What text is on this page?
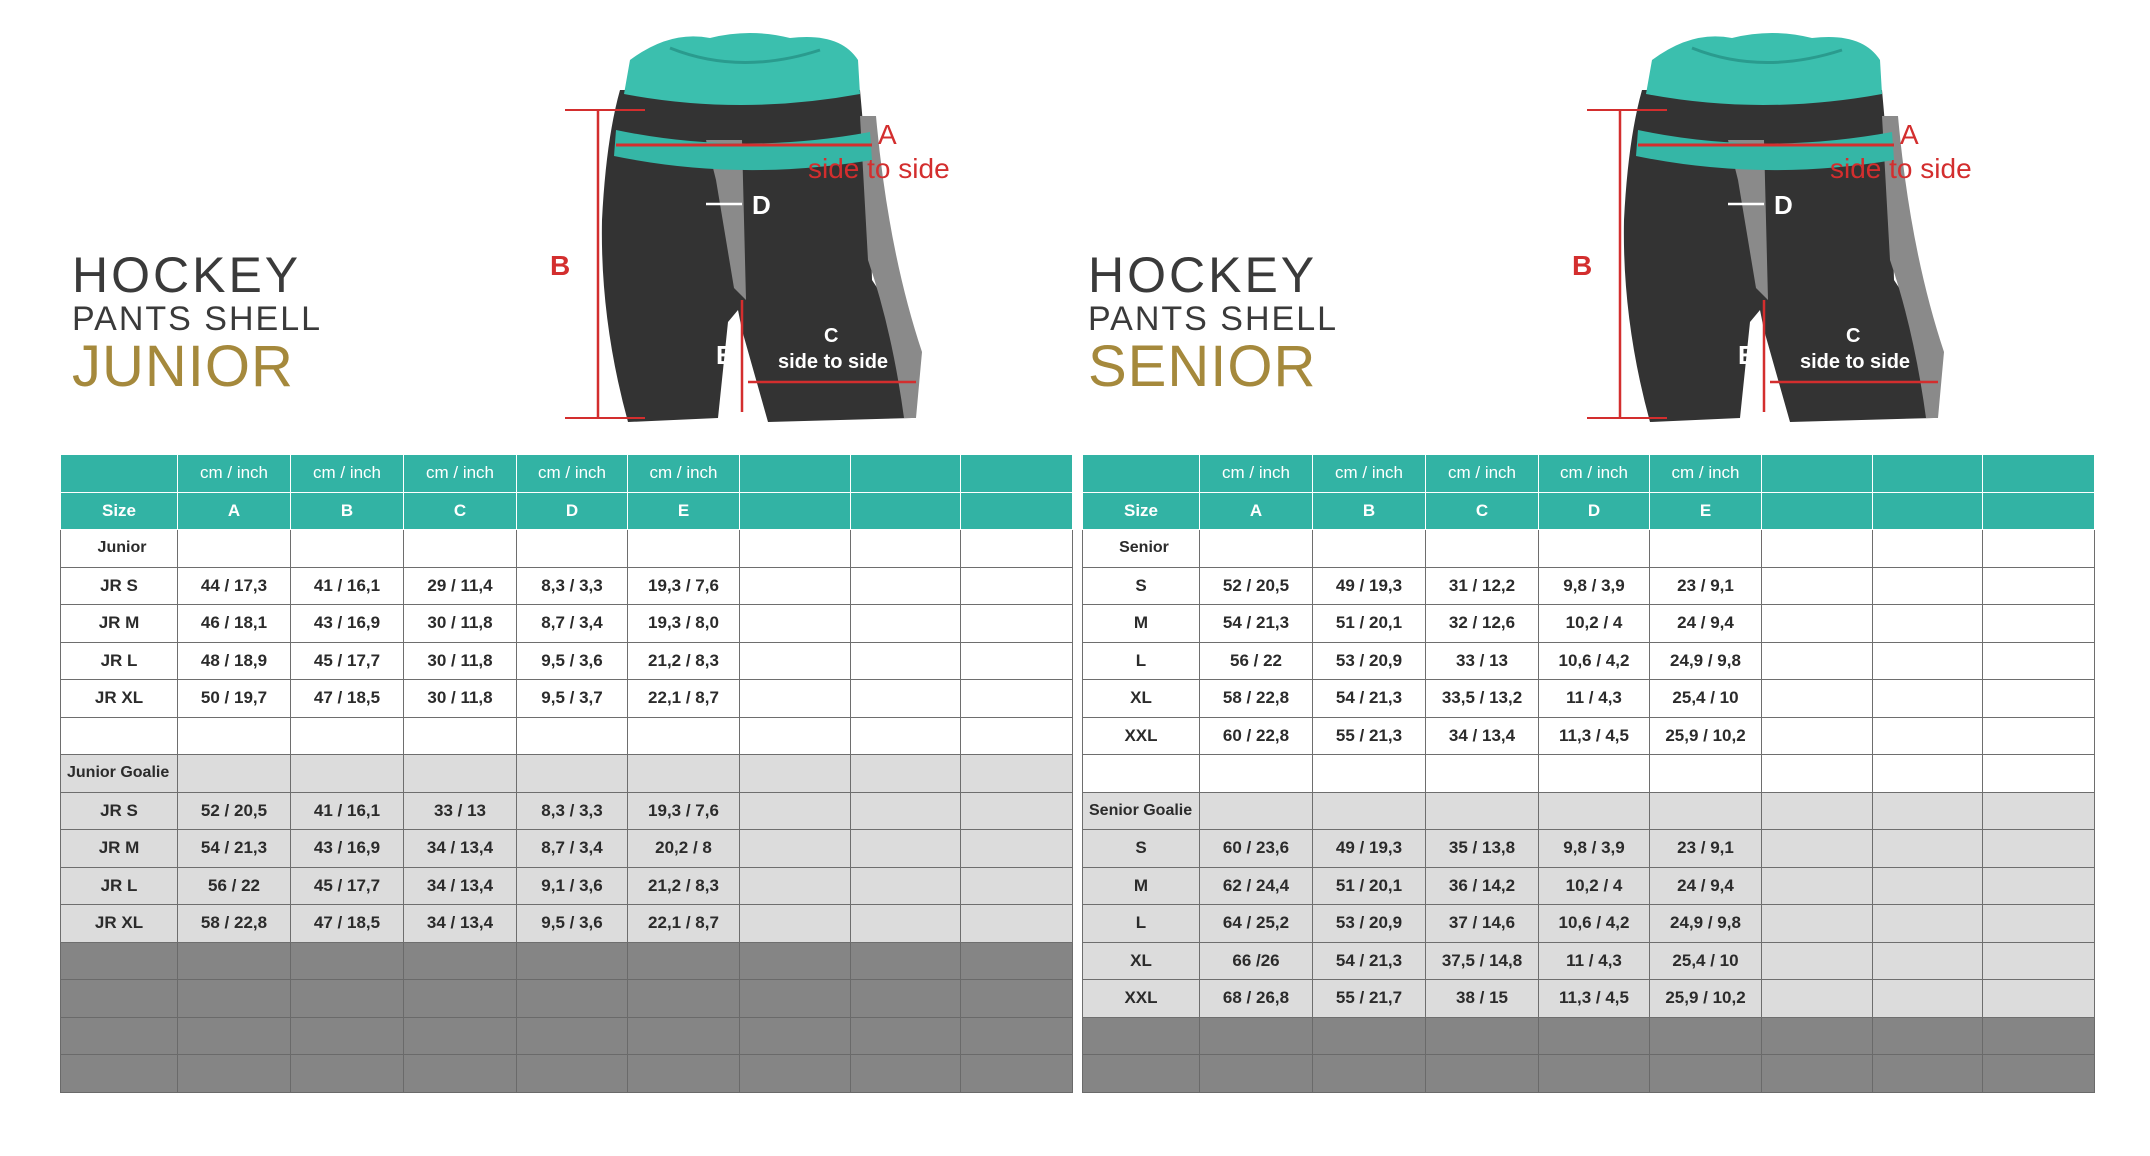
HOCKEY
PANTS SHELL
JUNIOR
A
side to side
B
D
E
C
side to side
	cm / inch	cm / inch	cm / inch	cm / inch	cm / inch			
Size	A	B	C	D	E			
Junior								
JR S	44 / 17,3	41 / 16,1	29 / 11,4	8,3 / 3,3	19,3 / 7,6			
JR M	46 / 18,1	43 / 16,9	30 / 11,8	8,7 / 3,4	19,3 / 8,0			
JR L	48 / 18,9	45 / 17,7	30 / 11,8	9,5 / 3,6	21,2 / 8,3			
JR XL	50 / 19,7	47 / 18,5	30 / 11,8	9,5 / 3,7	22,1 / 8,7			

Junior Goalie								
JR S	52 / 20,5	41 / 16,1	33 / 13	8,3 / 3,3	19,3 / 7,6			
JR M	54 / 21,3	43 / 16,9	34 / 13,4	8,7 / 3,4	20,2 / 8			
JR L	56 / 22	45 / 17,7	34 / 13,4	9,1 / 3,6	21,2 / 8,3			
JR XL	58 / 22,8	47 / 18,5	34 / 13,4	9,5 / 3,6	22,1 / 8,7			

HOCKEY
PANTS SHELL
SENIOR
A
side to side
B
D
E
C
side to side
	cm / inch	cm / inch	cm / inch	cm / inch	cm / inch			
Size	A	B	C	D	E			
Senior								
S	52 / 20,5	49 / 19,3	31 / 12,2	9,8 / 3,9	23 / 9,1			
M	54 / 21,3	51 / 20,1	32 / 12,6	10,2 / 4	24 / 9,4			
L	56 / 22	53 / 20,9	33 / 13	10,6 / 4,2	24,9 / 9,8			
XL	58 / 22,8	54 / 21,3	33,5 / 13,2	11 / 4,3	25,4 / 10			
XXL	60 / 22,8	55 / 21,3	34 / 13,4	11,3 / 4,5	25,9 / 10,2			

Senior Goalie								
S	60 / 23,6	49 / 19,3	35 / 13,8	9,8 / 3,9	23 / 9,1			
M	62 / 24,4	51 / 20,1	36 / 14,2	10,2 / 4	24 / 9,4			
L	64 / 25,2	53 / 20,9	37 / 14,6	10,6 / 4,2	24,9 / 9,8			
XL	66 /26	54 / 21,3	37,5 / 14,8	11 / 4,3	25,4 / 10			
XXL	68 / 26,8	55 / 21,7	38 / 15	11,3 / 4,5	25,9 / 10,2			
